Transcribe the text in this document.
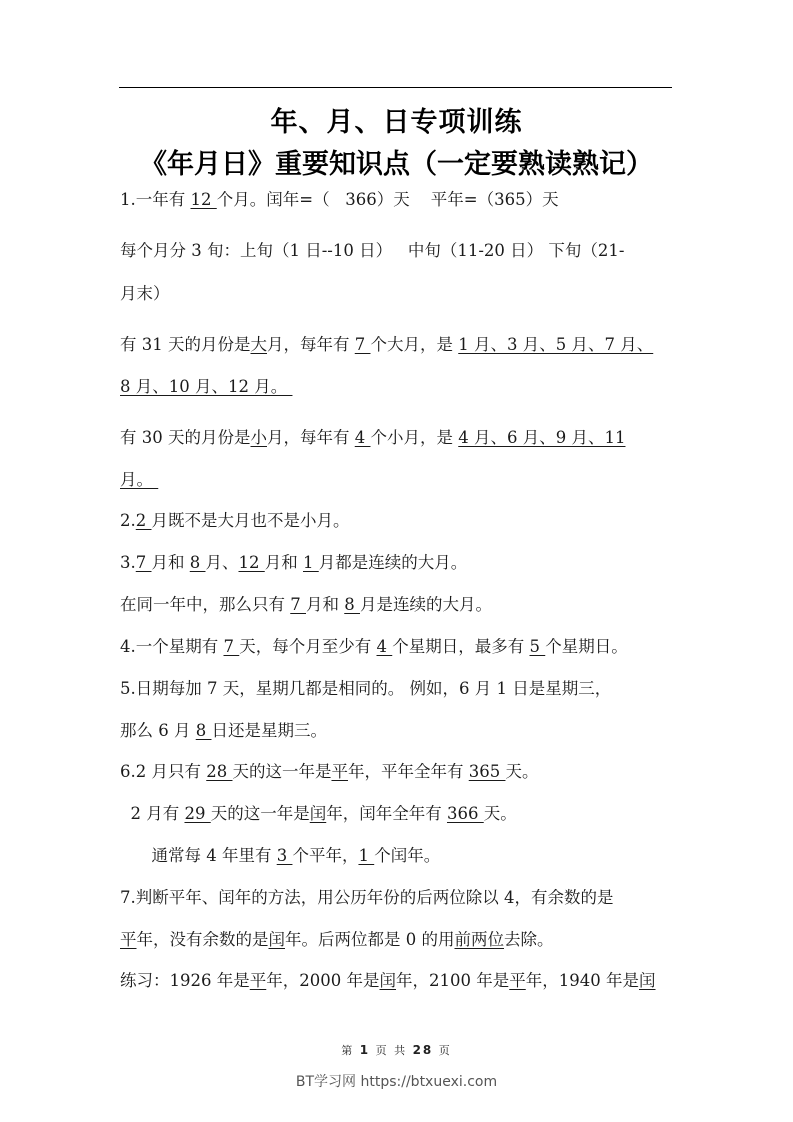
年、月、日专项训练
《年月日》重要知识点（一定要熟读熟记）
1.一年有 12 个月。闰年=（   366）天    平年=（365）天
每个月分 3 旬：上旬（1 日--10 日）   中旬（11-20 日） 下旬（21-
月末）
有 31 天的月份是大月，每年有 7 个大月，是 1 月、3 月、5 月、7 月、
8 月、10 月、12 月。
有 30 天的月份是小月，每年有 4 个小月，是 4 月、6 月、9 月、11
月。
2.2 月既不是大月也不是小月。
3.7 月和 8 月、12 月和 1 月都是连续的大月。
在同一年中，那么只有 7 月和 8 月是连续的大月。
4.一个星期有 7 天，每个月至少有 4 个星期日，最多有 5 个星期日。
5.日期每加 7 天，星期几都是相同的。 例如，6 月 1 日是星期三，
那么 6 月 8 日还是星期三。
6.2 月只有 28 天的这一年是平年，平年全年有 365 天。
2 月有 29 天的这一年是闰年，闰年全年有 366 天。
通常每 4 年里有 3 个平年，1 个闰年。
7.判断平年、闰年的方法，用公历年份的后两位除以 4，有余数的是
平年，没有余数的是闰年。后两位都是 0 的用前两位去除。
练习：1926 年是平年，2000 年是闰年，2100 年是平年，1940 年是闰
第 1 页 共 28 页
BT学习网 https://btxuexi.com
